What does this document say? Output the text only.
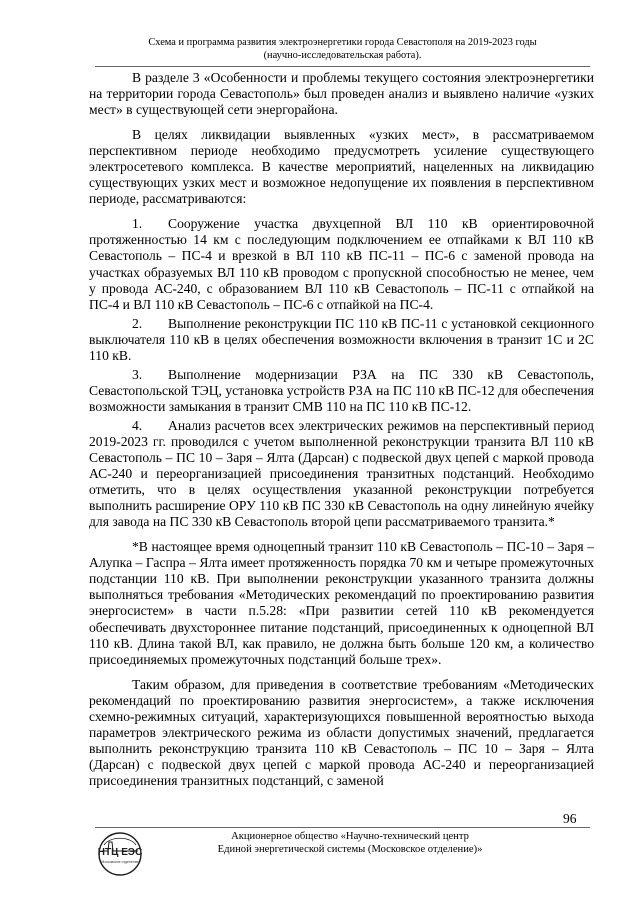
Схема и программа развития электроэнергетики города Севастополя на 2019-2023 годы
(научно-исследовательская работа).

В разделе 3 «Особенности и проблемы текущего состояния электроэнергетики на территории города Севастополь» был проведен анализ и выявлено наличие «узких мест» в существующей сети энергорайона.

В целях ликвидации выявленных «узких мест», в рассматриваемом перспективном периоде необходимо предусмотреть усиление существующего электросетевого комплекса. В качестве мероприятий, нацеленных на ликвидацию существующих узких мест и возможное недопущение их появления в перспективном периоде, рассматриваются:

1. Сооружение участка двухцепной ВЛ 110 кВ ориентировочной протяженностью 14 км с последующим подключением ее отпайками к ВЛ 110 кВ Севастополь – ПС-4 и врезкой в ВЛ 110 кВ ПС-11 – ПС-6 с заменой провода на участках образуемых ВЛ 110 кВ проводом с пропускной способностью не менее, чем у провода АС-240, с образованием ВЛ 110 кВ Севастополь – ПС-11 с отпайкой на ПС-4 и ВЛ 110 кВ Севастополь – ПС-6 с отпайкой на ПС-4.

2. Выполнение реконструкции ПС 110 кВ ПС-11 с установкой секционного выключателя 110 кВ в целях обеспечения возможности включения в транзит 1С и 2С 110 кВ.

3. Выполнение модернизации РЗА на ПС 330 кВ Севастополь, Севастопольской ТЭЦ, установка устройств РЗА на ПС 110 кВ ПС-12 для обеспечения возможности замыкания в транзит СМВ 110 на ПС 110 кВ ПС-12.

4. Анализ расчетов всех электрических режимов на перспективный период 2019-2023 гг. проводился с учетом выполненной реконструкции транзита ВЛ 110 кВ Севастополь – ПС 10 – Заря – Ялта (Дарсан) с подвеской двух цепей с маркой провода АС-240 и переорганизацией присоединения транзитных подстанций. Необходимо отметить, что в целях осуществления указанной реконструкции потребуется выполнить расширение ОРУ 110 кВ ПС 330 кВ Севастополь на одну линейную ячейку для завода на ПС 330 кВ Севастополь второй цепи рассматриваемого транзита.*

*В настоящее время одноцепный транзит 110 кВ Севастополь – ПС-10 – Заря – Алупка – Гаспра – Ялта имеет протяженность порядка 70 км и четыре промежуточных подстанции 110 кВ. При выполнении реконструкции указанного транзита должны выполняться требования «Методических рекомендаций по проектированию развития энергосистем» в части п.5.28: «При развитии сетей 110 кВ рекомендуется обеспечивать двухстороннее питание подстанций, присоединенных к одноцепной ВЛ 110 кВ. Длина такой ВЛ, как правило, не должна быть больше 120 км, а количество присоединяемых промежуточных подстанций больше трех».

Таким образом, для приведения в соответствие требованиям «Методических рекомендаций по проектированию развития энергосистем», а также исключения схемно-режимных ситуаций, характеризующихся повышенной вероятностью выхода параметров электрического режима из области допустимых значений, предлагается выполнить реконструкцию транзита 110 кВ Севастополь – ПС 10 – Заря – Ялта (Дарсан) с подвеской двух цепей с маркой провода АС-240 и переорганизацией присоединения транзитных подстанций, с заменой

96
НТЦ ЕЭС
Московское отделение
Акционерное общество «Научно-технический центр
Единой энергетической системы (Московское отделение)»
